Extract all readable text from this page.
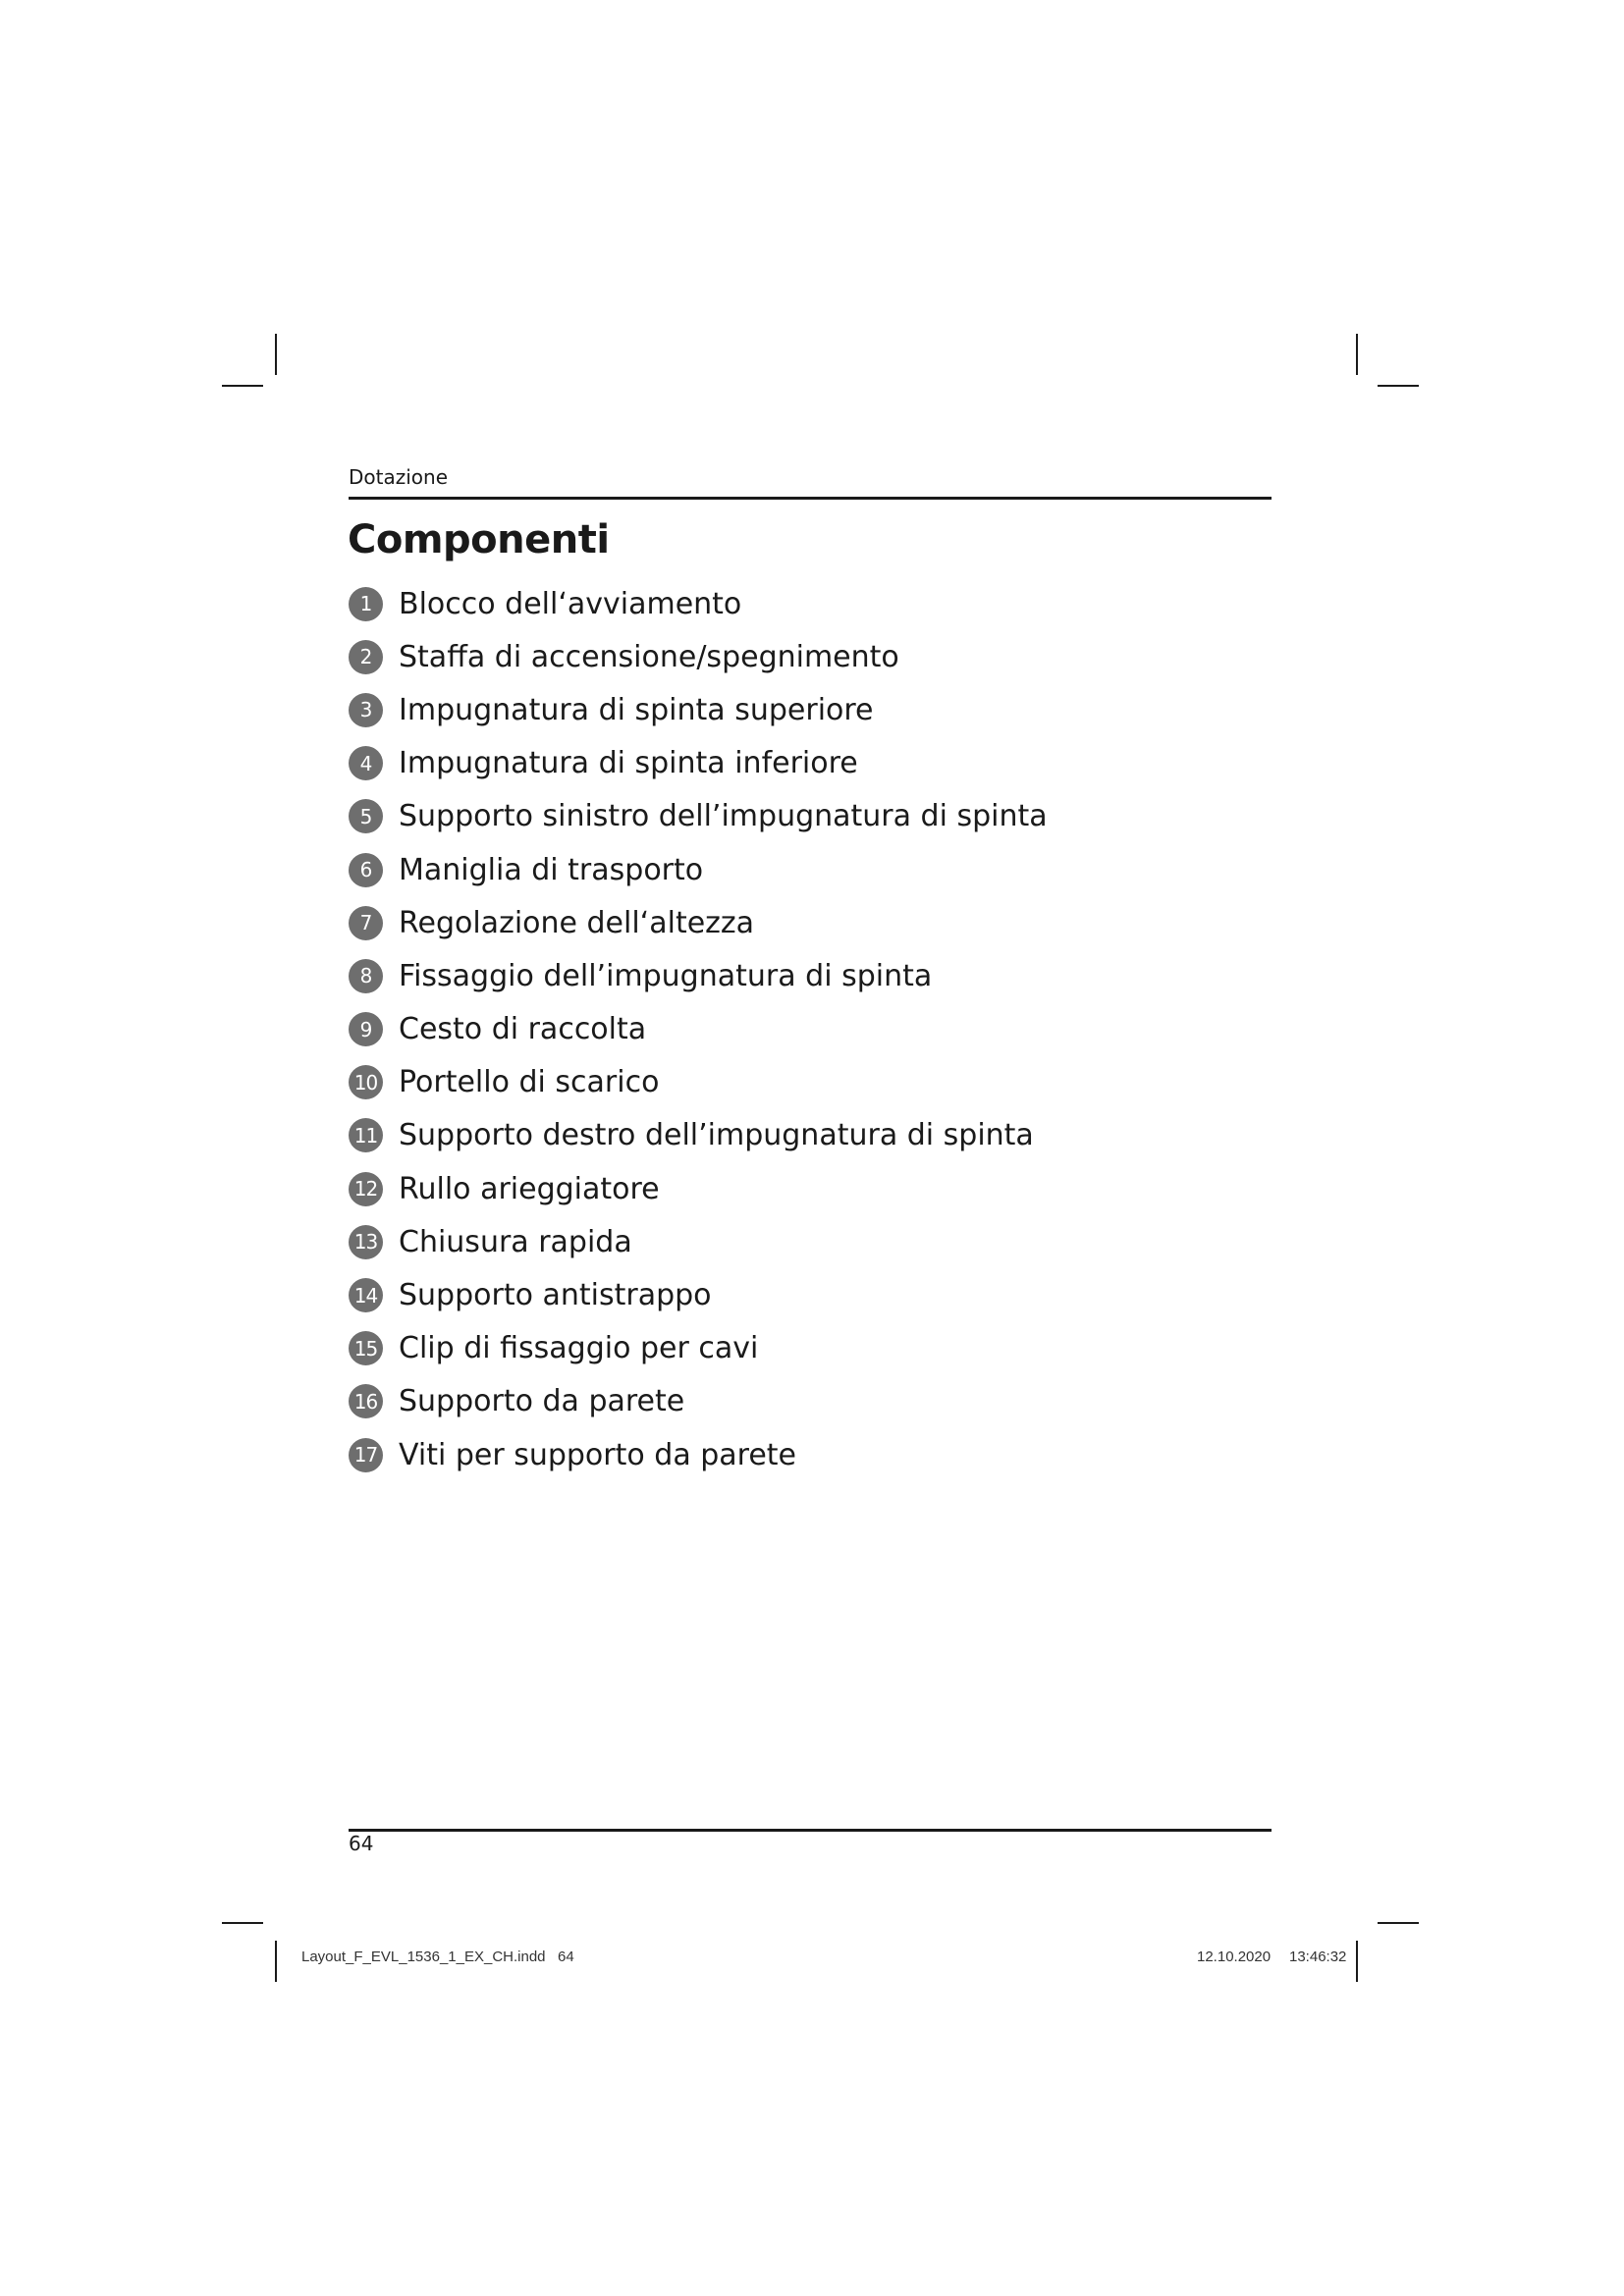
Dotazione
Componenti
1 Blocco dell‘avviamento
2 Staffa di accensione/spegnimento
3 Impugnatura di spinta superiore
4 Impugnatura di spinta inferiore
5 Supporto sinistro dell’impugnatura di spinta
6 Maniglia di trasporto
7 Regolazione dell‘altezza
8 Fissaggio dell’impugnatura di spinta
9 Cesto di raccolta
10 Portello di scarico
11 Supporto destro dell’impugnatura di spinta
12 Rullo arieggiatore
13 Chiusura rapida
14 Supporto antistrappo
15 Clip di fissaggio per cavi
16 Supporto da parete
17 Viti per supporto da parete
64
Layout_F_EVL_1536_1_EX_CH.indd   64	12.10.2020 13:46:32
